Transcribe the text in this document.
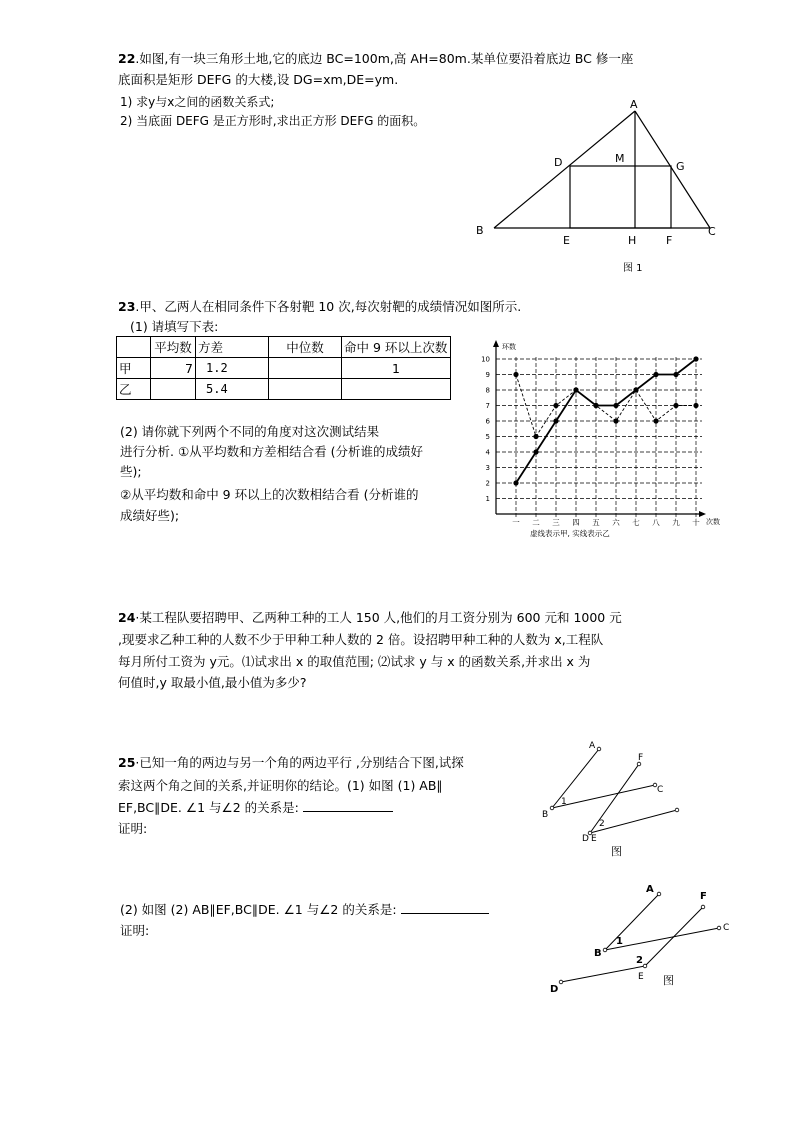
22.如图,有一块三角形土地,它的底边 BC=100m,高 AH=80m.某单位要沿着底边 BC 修一座
底面积是矩形 DEFG 的大楼,设 DG=xm,DE=ym.
1) 求y与x之间的函数关系式;
2) 当底面 DEFG 是正方形时,求出正方形 DEFG 的面积。
A
B	C
D
E	F
G
H
M
图 1
23.甲、乙两人在相同条件下各射靶 10 次,每次射靶的成绩情况如图所示.
(1) 请填写下表:
	平均数	方差	中位数	命中 9 环以上次数
甲	7	1.2		1
乙		5.4		
(2) 请你就下列两个不同的角度对这次测试结果
进行分析. ①从平均数和方差相结合看 (分析谁的成绩好
些);
②从平均数和命中 9 环以上的次数相结合看 (分析谁的
成绩好些);
环数
次数
虚线表示甲, 实线表示乙
1
2
3
4
5
6
7
8
9
10
一 二 三 四 五 六 七 八 九 十
24·某工程队要招聘甲、乙两种工种的工人 150 人,他们的月工资分别为 600 元和 1000 元
,现要求乙种工种的人数不少于甲种工种人数的 2 倍。设招聘甲种工种的人数为 x,工程队
每月所付工资为 y元。⑴试求出 x 的取值范围; ⑵试求 y 与 x 的函数关系,并求出 x 为
何值时,y 取最小值,最小值为多少?
25·已知一角的两边与另一个角的两边平行 ,分别结合下图,试探
索这两个角之间的关系,并证明你的结论。(1) 如图 (1) AB∥
EF,BC∥DE. ∠1 与∠2 的关系是:
证明:
A
B
C
D E
F
1
2
图
(2) 如图 (2) AB∥EF,BC∥DE. ∠1 与∠2 的关系是:
证明:
A
B
C
D
E
F
1
2
图
